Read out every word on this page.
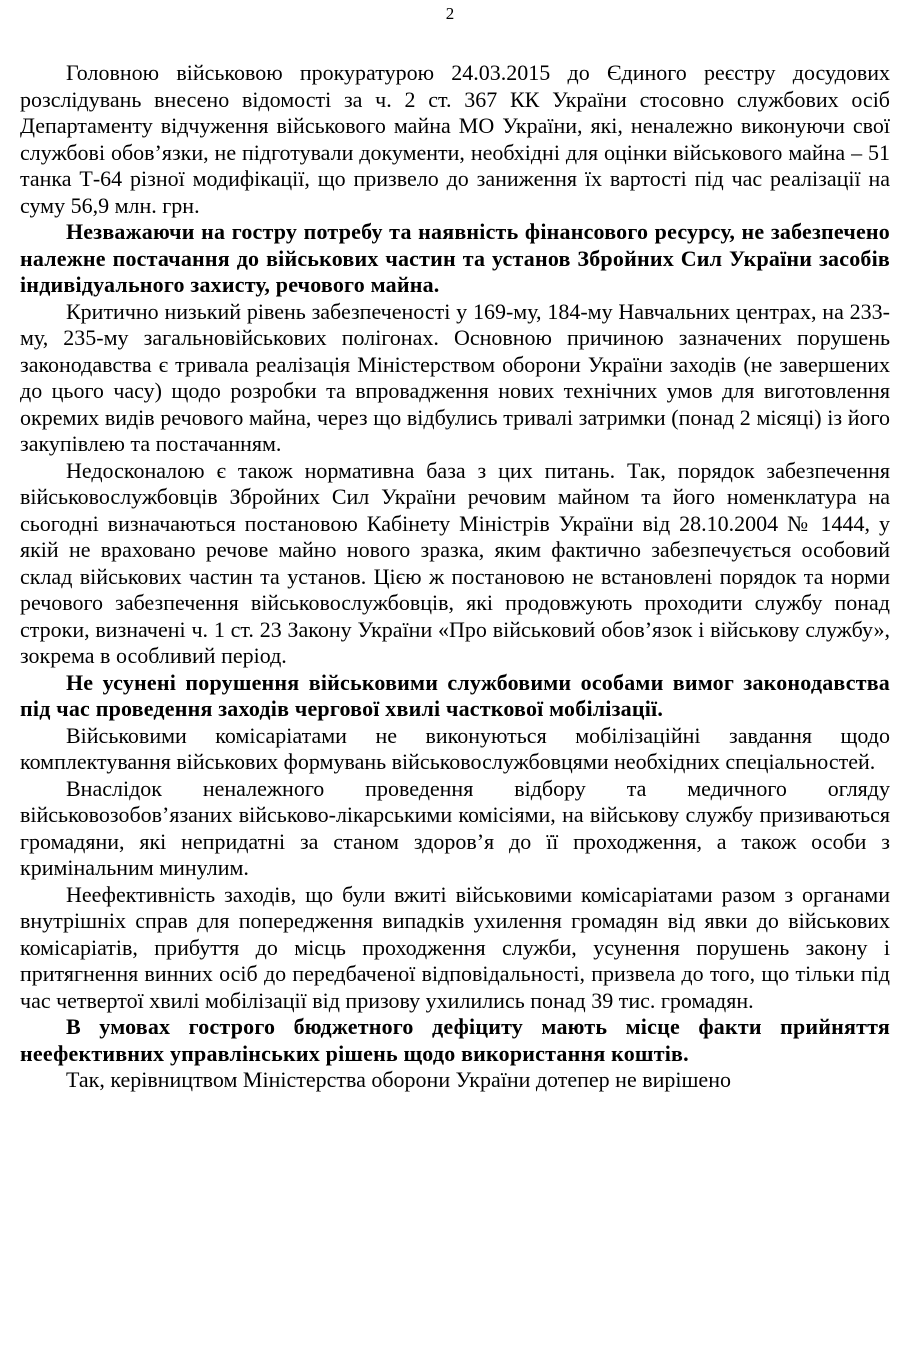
2

Головною військовою прокуратурою 24.03.2015 до Єдиного реєстру досудових розслідувань внесено відомості за ч. 2 ст. 367 КК України стосовно службових осіб Департаменту відчуження військового майна МО України, які, неналежно виконуючи свої службові обов’язки, не підготували документи, необхідні для оцінки військового майна – 51 танка Т-64 різної модифікації, що призвело до заниження їх вартості під час реалізації на суму 56,9 млн. грн.

Незважаючи на гостру потребу та наявність фінансового ресурсу, не забезпечено належне постачання до військових частин та установ Збройних Сил України засобів індивідуального захисту, речового майна.

Критично низький рівень забезпеченості у 169-му, 184-му Навчальних центрах, на 233-му, 235-му загальновійськових полігонах. Основною причиною зазначених порушень законодавства є тривала реалізація Міністерством оборони України заходів (не завершених до цього часу) щодо розробки та впровадження нових технічних умов для виготовлення окремих видів речового майна, через що відбулись тривалі затримки (понад 2 місяці) із його закупівлею та постачанням.

Недосконалою є також нормативна база з цих питань. Так, порядок забезпечення військовослужбовців Збройних Сил України речовим майном та його номенклатура на сьогодні визначаються постановою Кабінету Міністрів України від 28.10.2004 № 1444, у якій не враховано речове майно нового зразка, яким фактично забезпечується особовий склад військових частин та установ. Цією ж постановою не встановлені порядок та норми речового забезпечення військовослужбовців, які продовжують проходити службу понад строки, визначені ч. 1 ст. 23 Закону України «Про військовий обов’язок і військову службу», зокрема в особливий період.

Не усунені порушення військовими службовими особами вимог законодавства під час проведення заходів чергової хвилі часткової мобілізації.

Військовими комісаріатами не виконуються мобілізаційні завдання щодо комплектування військових формувань військовослужбовцями необхідних спеціальностей.

Внаслідок неналежного проведення відбору та медичного огляду військовозобов’язаних військово-лікарськими комісіями, на військову службу призиваються громадяни, які непридатні за станом здоров’я до її проходження, а також особи з кримінальним минулим.

Неефективність заходів, що були вжиті військовими комісаріатами разом з органами внутрішніх справ для попередження випадків ухилення громадян від явки до військових комісаріатів, прибуття до місць проходження служби, усунення порушень закону і притягнення винних осіб до передбаченої відповідальності, призвела до того, що тільки під час четвертої хвилі мобілізації від призову ухилились понад 39 тис. громадян.

В умовах гострого бюджетного дефіциту мають місце факти прийняття неефективних управлінських рішень щодо використання коштів.

Так, керівництвом Міністерства оборони України дотепер не вирішено
